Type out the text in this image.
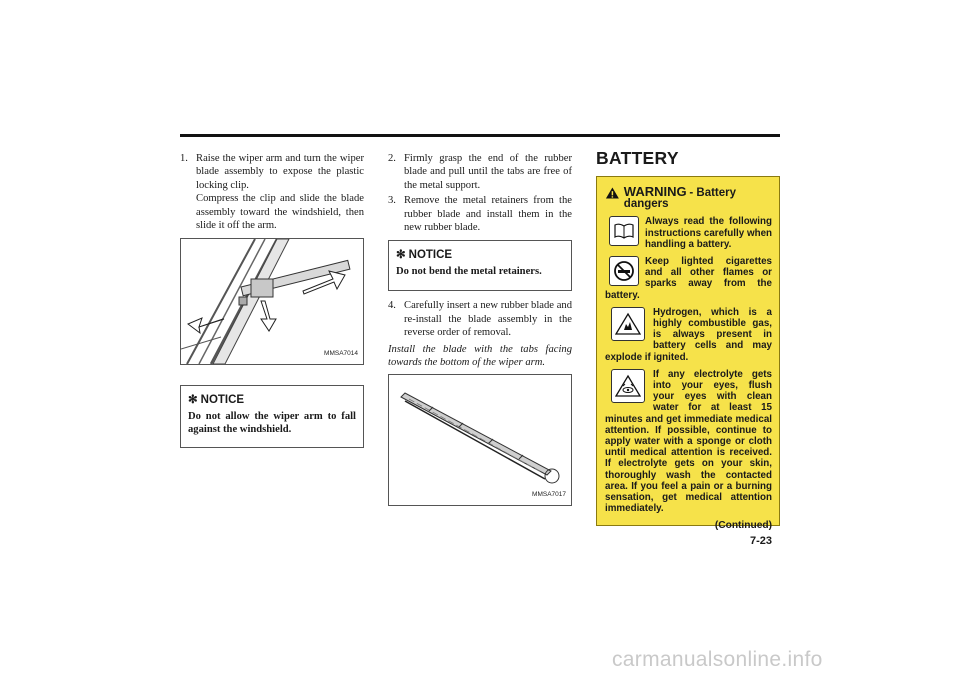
1. Raise the wiper arm and turn the wiper blade assembly to expose the plastic locking clip.
Compress the clip and slide the blade assembly toward the windshield, then slide it off the arm.
MMSA7014
✻ NOTICE
Do not allow the wiper arm to fall against the windshield.
2. Firmly grasp the end of the rubber blade and pull until the tabs are free of the metal support.
3. Remove the metal retainers from the rubber blade and install them in the new rubber blade.
✻ NOTICE
Do not bend the metal retainers.
4. Carefully insert a new rubber blade and re-install the blade assembly in the reverse order of removal.
Install the blade with the tabs facing towards the bottom of the wiper arm.
MMSA7017
BATTERY
WARNING - Battery dangers
Always read the following instructions carefully when handling a battery.
Keep lighted cigarettes and all other flames or sparks away from the battery.
Hydrogen, which is a highly combustible gas, is always present in battery cells and may explode if ignited.
If any electrolyte gets into your eyes, flush your eyes with clean water for at least 15 minutes and get immediate medical attention. If possible, continue to apply water with a sponge or cloth until medical attention is received. If electrolyte gets on your skin, thoroughly wash the contacted area. If you feel a pain or a burning sensation, get medical attention immediately.
(Continued)
7-23
carmanualsonline.info
